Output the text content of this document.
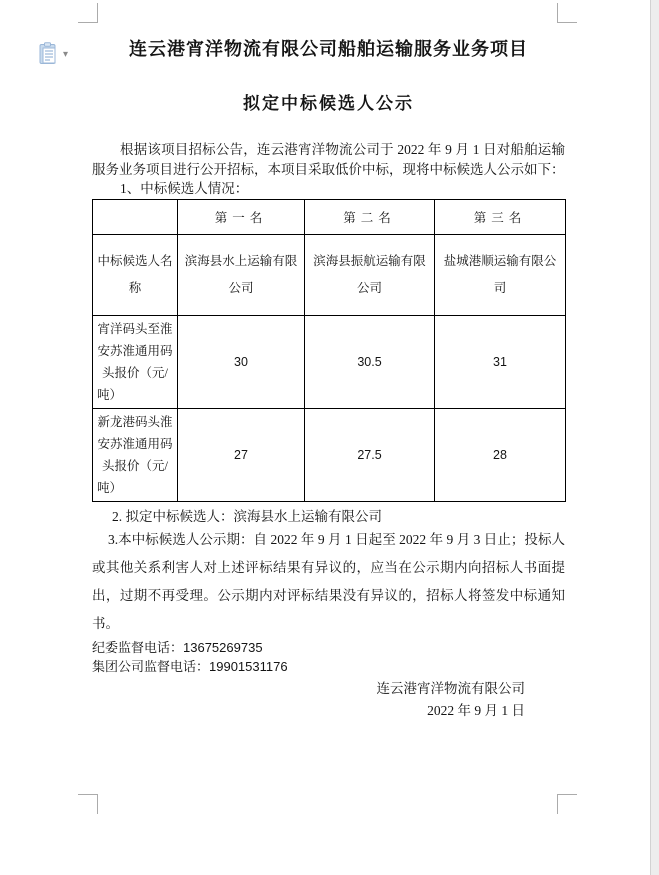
▾	连云港宵洋物流有限公司船舶运输服务业务项目
拟定中标候选人公示

根据该项目招标公告，连云港宵洋物流公司于 2022 年 9 月 1 日对船舶运输服务业务项目进行公开招标，本项目采取低价中标，现将中标候选人公示如下：

1、中标候选人情况：

	第一名	第二名	第三名
中标候选人名称	滨海县水上运输有限公司	滨海县振航运输有限公司	盐城港顺运输有限公司
宵洋码头至淮安苏淮通用码头报价（元/吨）	30	30.5	31
新龙港码头淮安苏淮通用码头报价（元/吨）	27	27.5	28

2. 拟定中标候选人：滨海县水上运输有限公司

3.本中标候选人公示期：自 2022 年 9 月 1 日起至 2022 年 9 月 3 日止；投标人或其他关系利害人对上述评标结果有异议的，应当在公示期内向招标人书面提出，过期不再受理。公示期内对评标结果没有异议的，招标人将签发中标通知书。

纪委监督电话：13675269735

集团公司监督电话：19901531176

连云港宵洋物流有限公司

2022 年 9 月 1 日
